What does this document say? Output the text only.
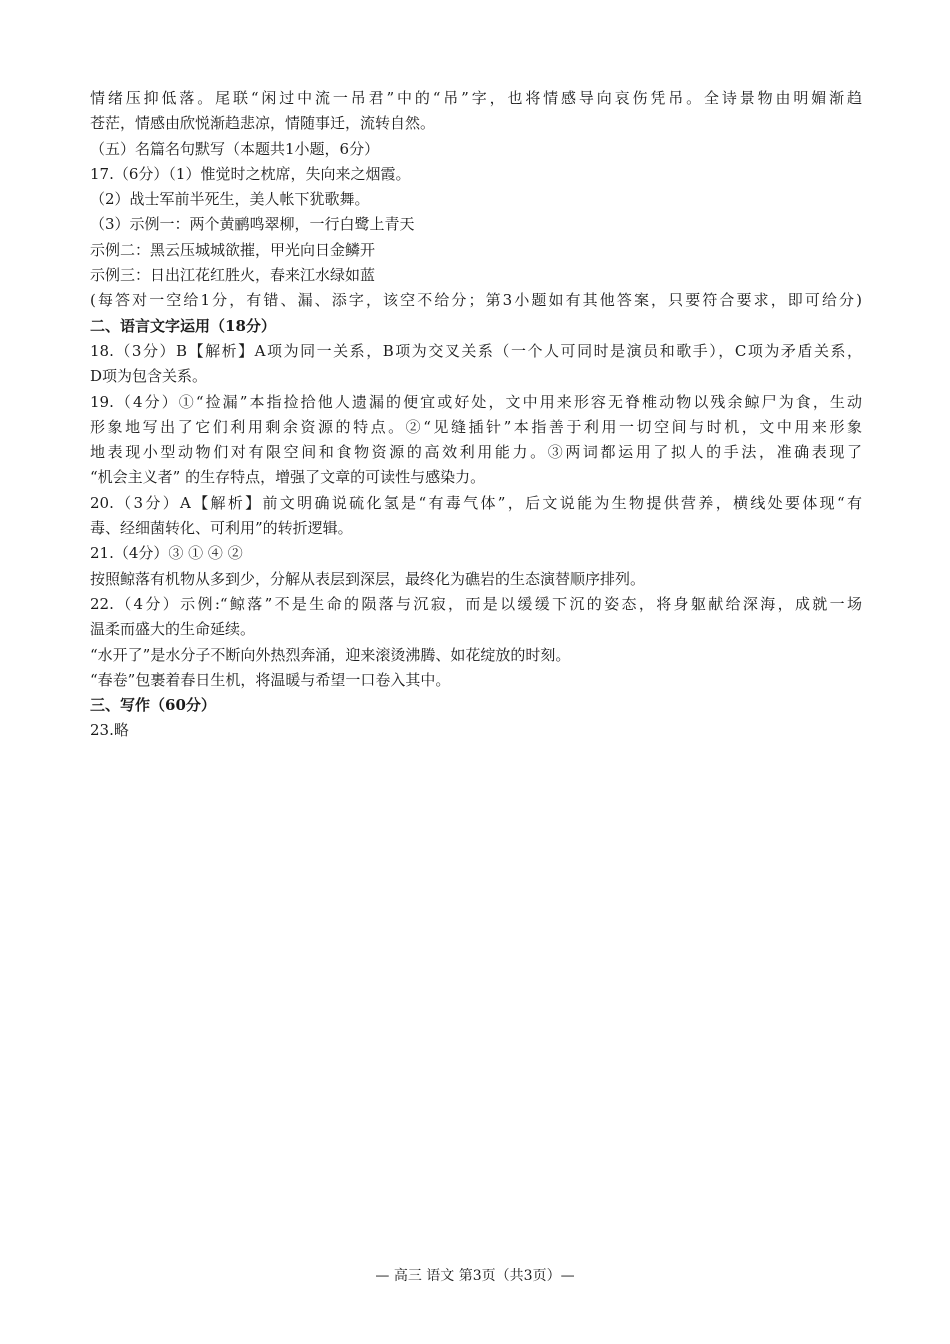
情绪压抑低落。尾联“闲过中流一吊君”中的“吊”字，也将情感导向哀伤凭吊。全诗景物由明媚渐趋

苍茫，情感由欣悦渐趋悲凉，情随事迁，流转自然。

（五）名篇名句默写（本题共1小题，6分）

17.（6分）（1）惟觉时之枕席，失向来之烟霞。

（2）战士军前半死生，美人帐下犹歌舞。

（3）示例一：两个黄鹂鸣翠柳，一行白鹭上青天

示例二：黑云压城城欲摧，甲光向日金鳞开

示例三：日出江花红胜火，春来江水绿如蓝

(每答对一空给1分，有错、漏、添字，该空不给分；第3小题如有其他答案，只要符合要求，即可给分)

二、语言文字运用（18分）

18.（3分）B【解析】A项为同一关系，B项为交叉关系（一个人可同时是演员和歌手），C项为矛盾关系，

D项为包含关系。

19.（4分）①“捡漏”本指捡拾他人遗漏的便宜或好处，文中用来形容无脊椎动物以残余鲸尸为食，生动

形象地写出了它们利用剩余资源的特点。②“见缝插针”本指善于利用一切空间与时机，文中用来形象

地表现小型动物们对有限空间和食物资源的高效利用能力。③两词都运用了拟人的手法，准确表现了

“机会主义者” 的生存特点，增强了文章的可读性与感染力。

20.（3分）A【解析】前文明确说硫化氢是“有毒气体”，后文说能为生物提供营养，横线处要体现“有

毒、经细菌转化、可利用”的转折逻辑。

21.（4分）③ ① ④ ②

按照鲸落有机物从多到少，分解从表层到深层，最终化为礁岩的生态演替顺序排列。

22.（4分）示例:“鲸落”不是生命的陨落与沉寂，而是以缓缓下沉的姿态，将身躯献给深海，成就一场

温柔而盛大的生命延续。

“水开了”是水分子不断向外热烈奔涌，迎来滚烫沸腾、如花绽放的时刻。

“春卷”包裹着春日生机，将温暖与希望一口卷入其中。

三、写作（60分）

23.略

— 高三 语文 第3页（共3页）—
